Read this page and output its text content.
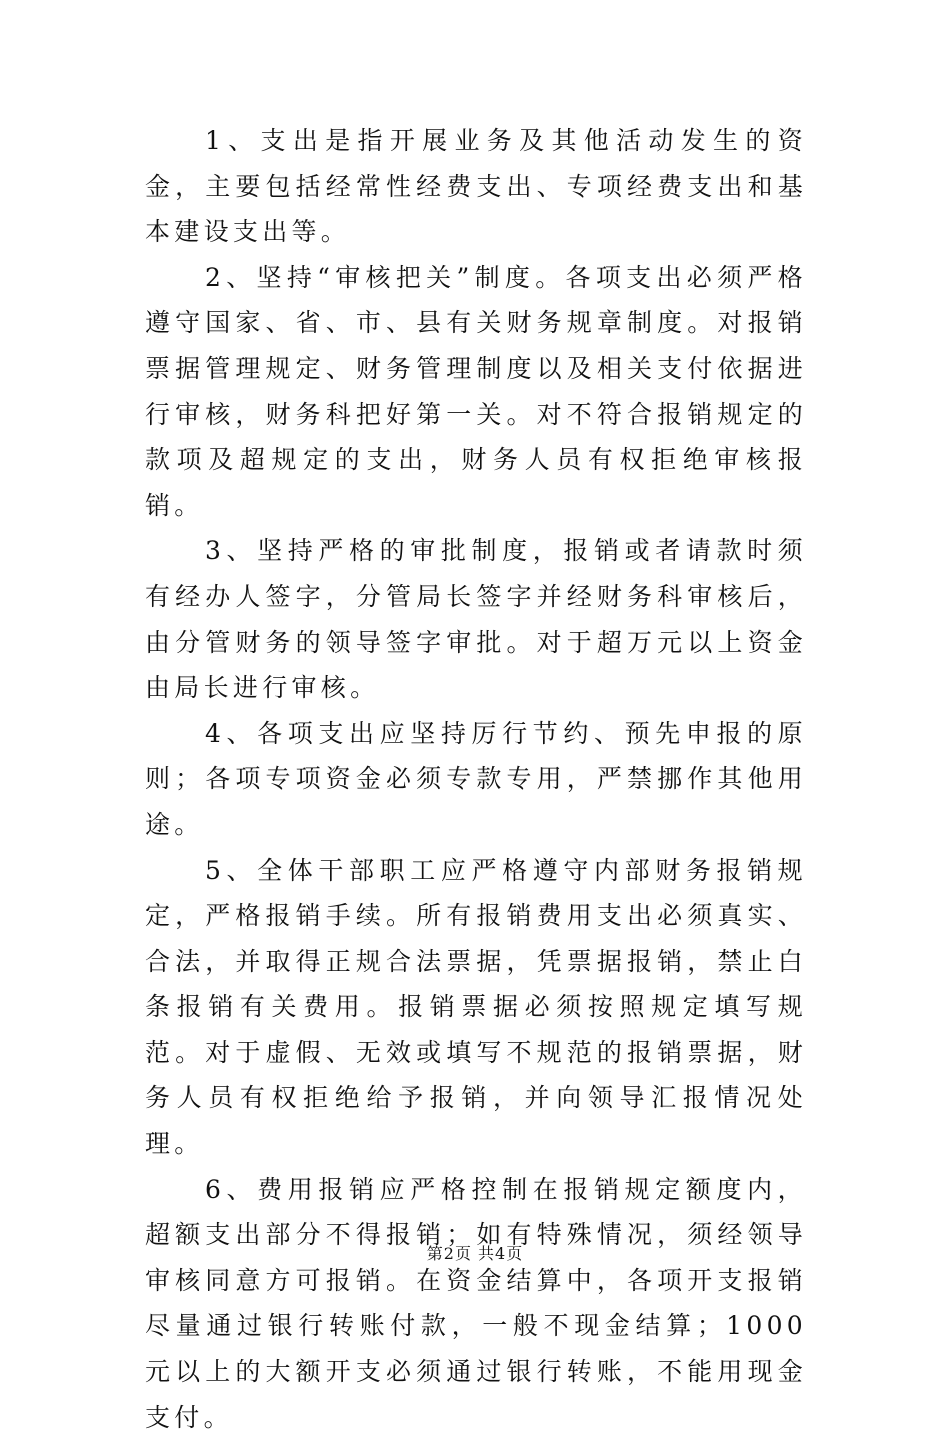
1、支出是指开展业务及其他活动发生的资金，主要包括经常性经费支出、专项经费支出和基本建设支出等。

2、坚持“审核把关”制度。各项支出必须严格遵守国家、省、市、县有关财务规章制度。对报销票据管理规定、财务管理制度以及相关支付依据进行审核，财务科把好第一关。对不符合报销规定的款项及超规定的支出，财务人员有权拒绝审核报销。

3、坚持严格的审批制度，报销或者请款时须有经办人签字，分管局长签字并经财务科审核后，由分管财务的领导签字审批。对于超万元以上资金由局长进行审核。

4、各项支出应坚持厉行节约、预先申报的原则；各项专项资金必须专款专用，严禁挪作其他用途。

5、全体干部职工应严格遵守内部财务报销规定，严格报销手续。所有报销费用支出必须真实、合法，并取得正规合法票据，凭票据报销，禁止白条报销有关费用。报销票据必须按照规定填写规范。对于虚假、无效或填写不规范的报销票据，财务人员有权拒绝给予报销，并向领导汇报情况处理。

6、费用报销应严格控制在报销规定额度内，超额支出部分不得报销；如有特殊情况，须经领导审核同意方可报销。在资金结算中，各项开支报销尽量通过银行转账付款，一般不现金结算；1000元以上的大额开支必须通过银行转账，不能用现金支付。

第2页 共4页
